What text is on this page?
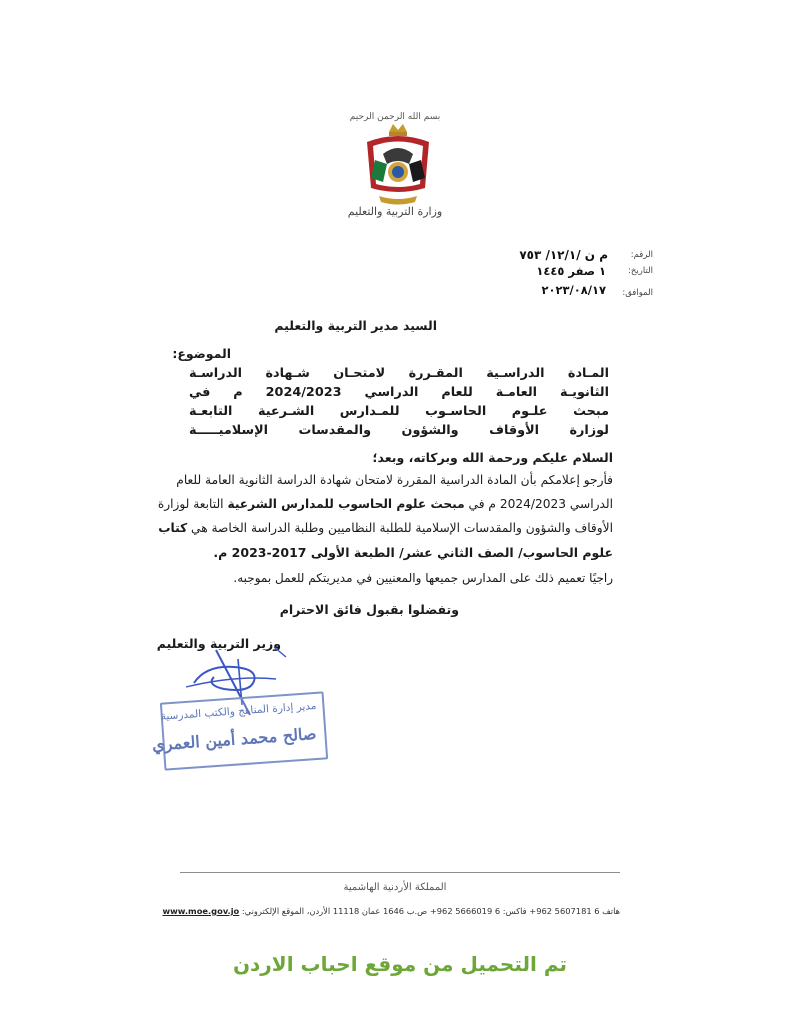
بسم الله الرحمن الرحيم
وزارة التربية والتعليم
الرقم:
م ن /١٢/١/ ٧٥٣
التاريخ:
١ صفر ١٤٤٥
الموافق:
٢٠٢٣/٠٨/١٧
السيد مدير التربية والتعليم
الموضوع:
المـادة الدراسـية المقـررة لامتحـان شـهادة الدراسـة
الثانويـة العامـة للعام الدراسي 2024/2023 م في
مبحث علـوم الحاسـوب للمـدارس الشـرعية التابعـة
لوزارة الأوقاف والشؤون والمقدسات الإسلاميـــــة
السلام عليكم ورحمة الله وبركاته، وبعد؛
فأرجو إعلامكم بأن المادة الدراسية المقررة لامتحان شهادة الدراسة الثانوية العامة للعام
الدراسي 2024/2023 م في مبحث علوم الحاسوب للمدارس الشرعية التابعة لوزارة
الأوقاف والشؤون والمقدسات الإسلامية للطلبة النظاميين وطلبة الدراسة الخاصة هي كتاب
علوم الحاسوب/ الصف الثاني عشر/ الطبعة الأولى 2017-2023 م.
راجيًا تعميم ذلك على المدارس جميعها والمعنيين في مديريتكم للعمل بموجبه.
وتفضلوا بقبول فائق الاحترام
وزير التربية والتعليم
مدير إدارة المناهج والكتب المدرسية
صالح محمد أمين العمري
المملكة الأردنية الهاشمية
هاتف 6 5607181 962+ فاكس: 6 5666019 962+ ص.ب 1646 عمان 11118 الأردن، الموقع الإلكتروني: www.moe.gov.jo
تم التحميل من موقع احباب الاردن
